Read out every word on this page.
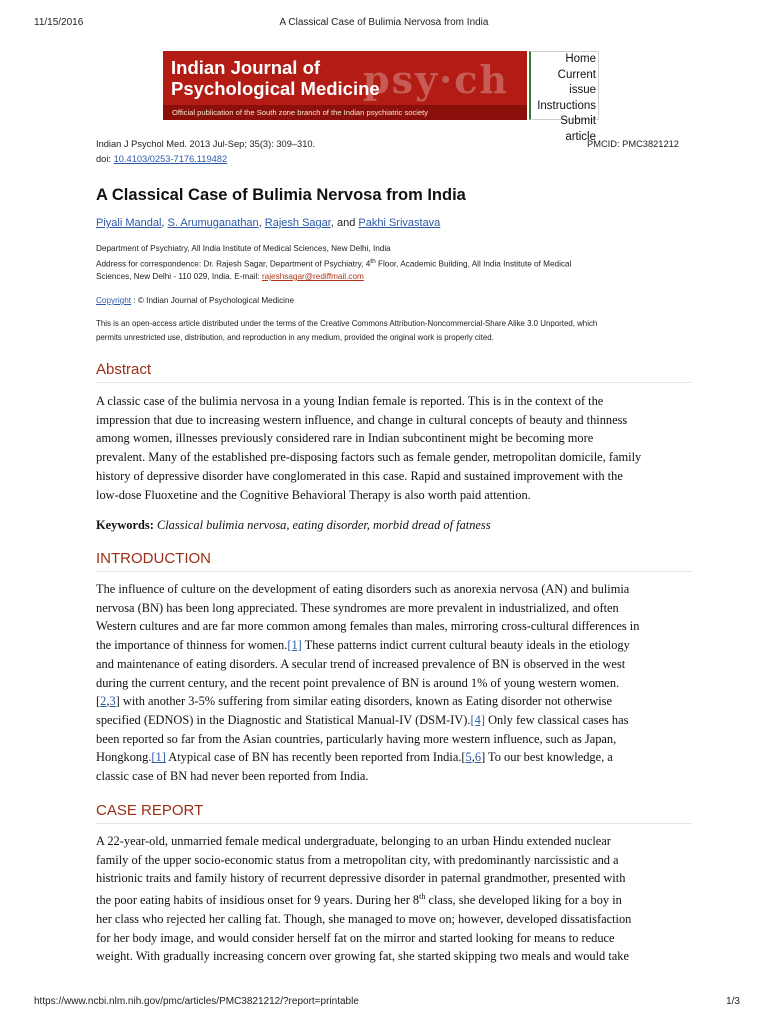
11/15/2016	A Classical Case of Bulimia Nervosa from India
psy·ch
Indian Journal of
Psychological Medicine
Official publication of the South zone branch of the Indian psychiatric society
Home
Current issue
Instructions
Submit article
Indian J Psychol Med. 2013 Jul-Sep; 35(3): 309–310.
doi: 10.4103/0253-7176.119482
PMCID: PMC3821212
A Classical Case of Bulimia Nervosa from India
Piyali Mandal, S. Arumuganathan, Rajesh Sagar, and Pakhi Srivastava
Department of Psychiatry, All India Institute of Medical Sciences, New Delhi, India
Address for correspondence: Dr. Rajesh Sagar, Department of Psychiatry, 4th Floor, Academic Building, All India Institute of Medical
Sciences, New Delhi - 110 029, India. E-mail: rajeshsagar@rediffmail.com
Copyright : © Indian Journal of Psychological Medicine
This is an open-access article distributed under the terms of the Creative Commons Attribution-Noncommercial-Share Alike 3.0 Unported, which
permits unrestricted use, distribution, and reproduction in any medium, provided the original work is properly cited.
Abstract
A classic case of the bulimia nervosa in a young Indian female is reported. This is in the context of the
impression that due to increasing western influence, and change in cultural concepts of beauty and thinness
among women, illnesses previously considered rare in Indian subcontinent might be becoming more
prevalent. Many of the established pre-disposing factors such as female gender, metropolitan domicile, family
history of depressive disorder have conglomerated in this case. Rapid and sustained improvement with the
low-dose Fluoxetine and the Cognitive Behavioral Therapy is also worth paid attention.
Keywords: Classical bulimia nervosa, eating disorder, morbid dread of fatness
INTRODUCTION
The influence of culture on the development of eating disorders such as anorexia nervosa (AN) and bulimia
nervosa (BN) has been long appreciated. These syndromes are more prevalent in industrialized, and often
Western cultures and are far more common among females than males, mirroring cross-cultural differences in
the importance of thinness for women.[1] These patterns indict current cultural beauty ideals in the etiology
and maintenance of eating disorders. A secular trend of increased prevalence of BN is observed in the west
during the current century, and the recent point prevalence of BN is around 1% of young western women.
[2,3] with another 3-5% suffering from similar eating disorders, known as Eating disorder not otherwise
specified (EDNOS) in the Diagnostic and Statistical Manual-IV (DSM-IV).[4] Only few classical cases has
been reported so far from the Asian countries, particularly having more western influence, such as Japan,
Hongkong.[1] Atypical case of BN has recently been reported from India.[5,6] To our best knowledge, a
classic case of BN had never been reported from India.
CASE REPORT
A 22-year-old, unmarried female medical undergraduate, belonging to an urban Hindu extended nuclear
family of the upper socio-economic status from a metropolitan city, with predominantly narcissistic and a
histrionic traits and family history of recurrent depressive disorder in paternal grandmother, presented with
the poor eating habits of insidious onset for 9 years. During her 8th class, she developed liking for a boy in
her class who rejected her calling fat. Though, she managed to move on; however, developed dissatisfaction
for her body image, and would consider herself fat on the mirror and started looking for means to reduce
weight. With gradually increasing concern over growing fat, she started skipping two meals and would take
https://www.ncbi.nlm.nih.gov/pmc/articles/PMC3821212/?report=printable	1/3
